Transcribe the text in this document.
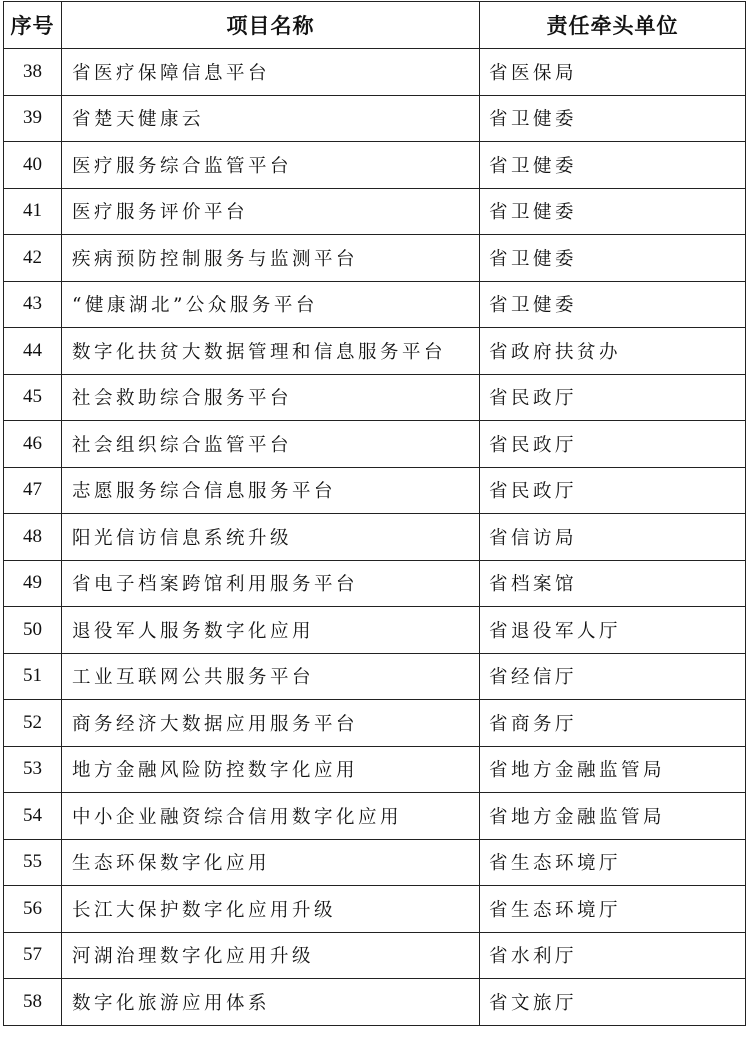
序号	项目名称	责任牵头单位
38	省医疗保障信息平台	省医保局
39	省楚天健康云	省卫健委
40	医疗服务综合监管平台	省卫健委
41	医疗服务评价平台	省卫健委
42	疾病预防控制服务与监测平台	省卫健委
43	“健康湖北”公众服务平台	省卫健委
44	数字化扶贫大数据管理和信息服务平台	省政府扶贫办
45	社会救助综合服务平台	省民政厅
46	社会组织综合监管平台	省民政厅
47	志愿服务综合信息服务平台	省民政厅
48	阳光信访信息系统升级	省信访局
49	省电子档案跨馆利用服务平台	省档案馆
50	退役军人服务数字化应用	省退役军人厅
51	工业互联网公共服务平台	省经信厅
52	商务经济大数据应用服务平台	省商务厅
53	地方金融风险防控数字化应用	省地方金融监管局
54	中小企业融资综合信用数字化应用	省地方金融监管局
55	生态环保数字化应用	省生态环境厅
56	长江大保护数字化应用升级	省生态环境厅
57	河湖治理数字化应用升级	省水利厅
58	数字化旅游应用体系	省文旅厅
